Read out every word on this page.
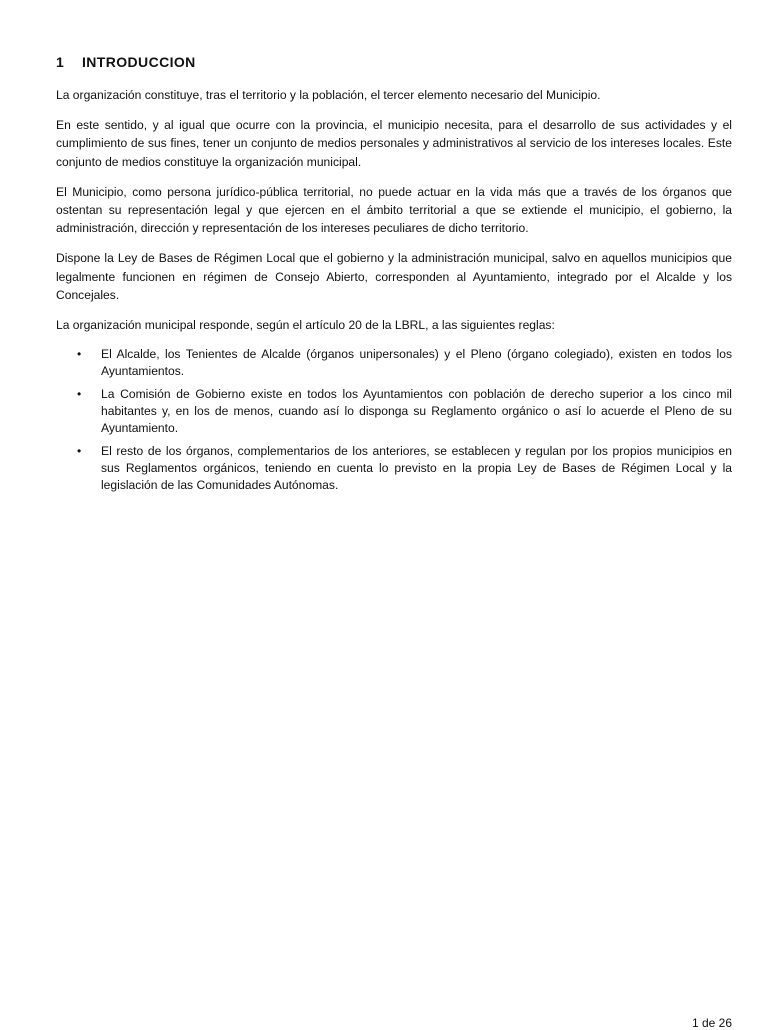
1	INTRODUCCION

La organización constituye, tras el territorio y la población, el tercer elemento necesario del Municipio.

En este sentido, y al igual que ocurre con la provincia, el municipio necesita, para el desarrollo de sus actividades y el cumplimiento de sus fines, tener un conjunto de medios personales y administrativos al servicio de los intereses locales. Este conjunto de medios constituye la organización municipal.

El Municipio, como persona jurídico-pública territorial, no puede actuar en la vida más que a través de los órganos que ostentan su representación legal y que ejercen en el ámbito territorial a que se extiende el municipio, el gobierno, la administración, dirección y representación de los intereses peculiares de dicho territorio.

Dispone la Ley de Bases de Régimen Local que el gobierno y la administración municipal, salvo en aquellos municipios que legalmente funcionen en régimen de Consejo Abierto, corresponden al Ayuntamiento, integrado por el Alcalde y los Concejales.

La organización municipal responde, según el artículo 20 de la LBRL, a las siguientes reglas:

• El Alcalde, los Tenientes de Alcalde (órganos unipersonales) y el Pleno (órgano colegiado), existen en todos los Ayuntamientos.
• La Comisión de Gobierno existe en todos los Ayuntamientos con población de derecho superior a los cinco mil habitantes y, en los de menos, cuando así lo disponga su Reglamento orgánico o así lo acuerde el Pleno de su Ayuntamiento.
• El resto de los órganos, complementarios de los anteriores, se establecen y regulan por los propios municipios en sus Reglamentos orgánicos, teniendo en cuenta lo previsto en la propia Ley de Bases de Régimen Local y la legislación de las Comunidades Autónomas.
1 de 26
